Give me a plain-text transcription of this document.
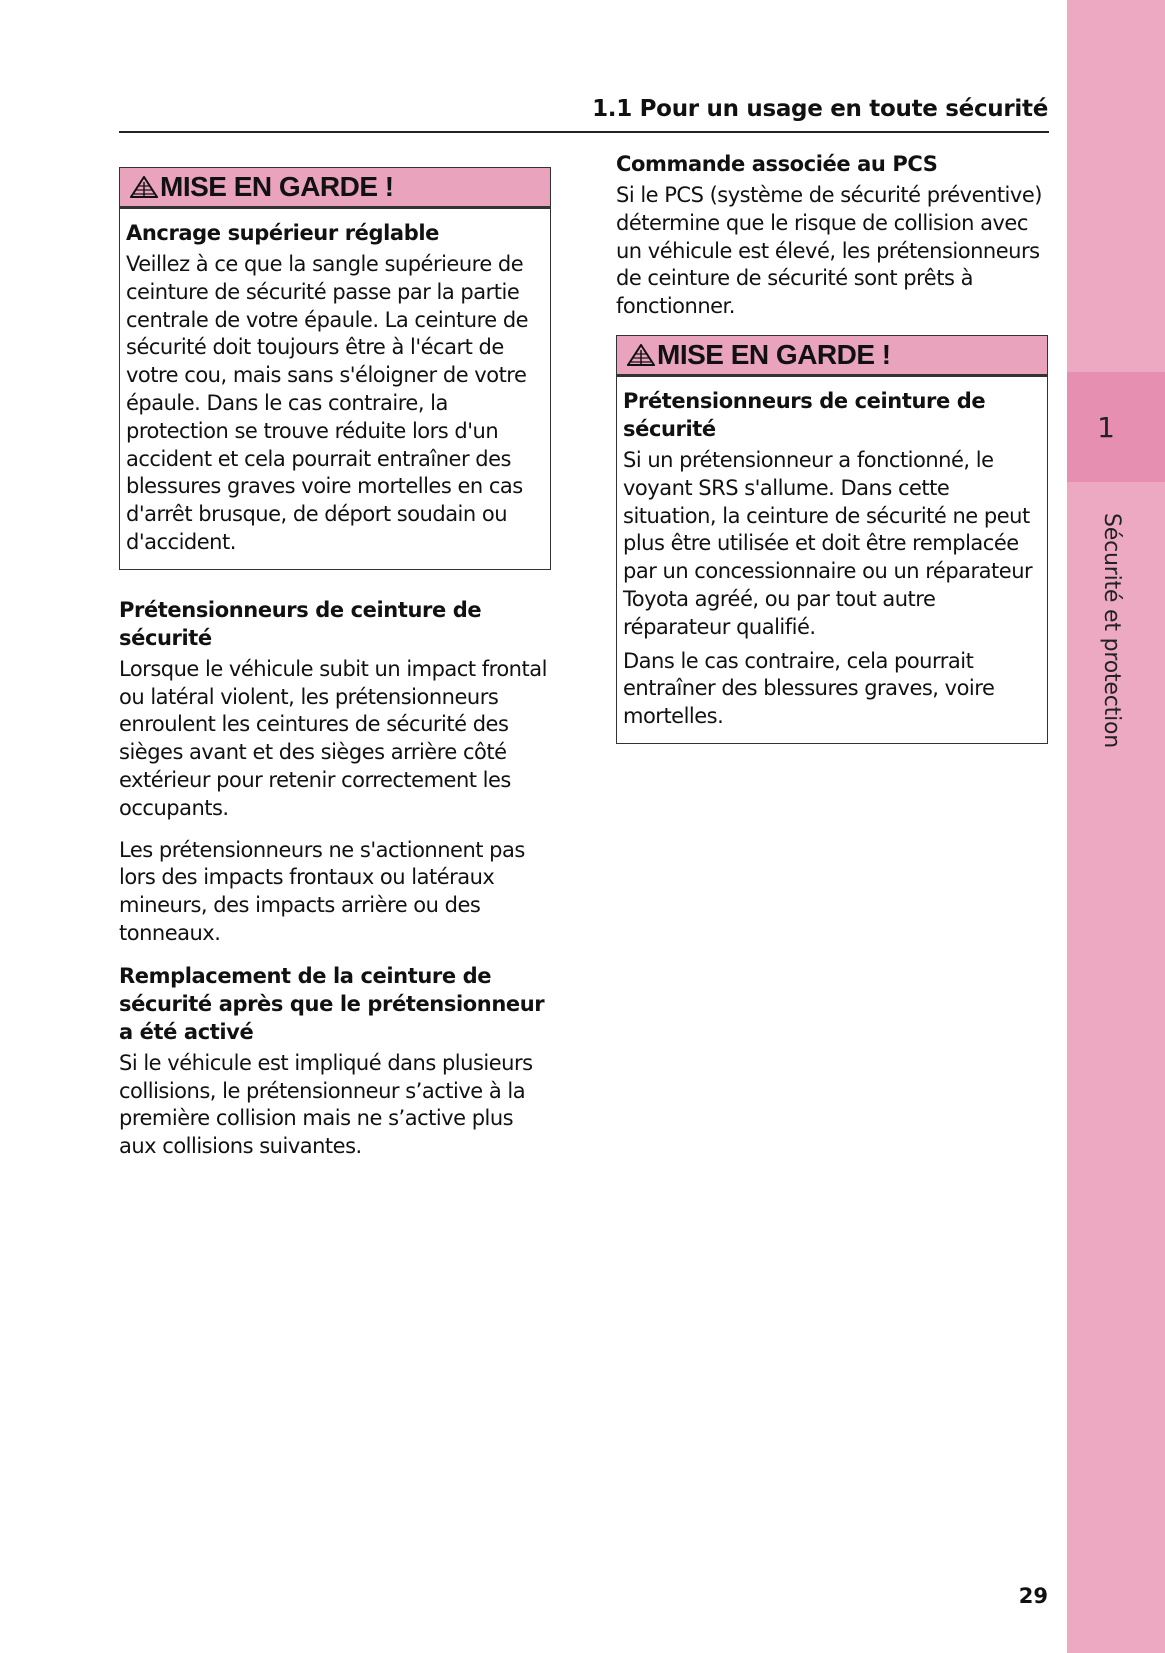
1.1 Pour un usage en toute sécurité
MISE EN GARDE !
Ancrage supérieur réglable

Veillez à ce que la sangle supérieure de ceinture de sécurité passe par la partie centrale de votre épaule. La ceinture de sécurité doit toujours être à l'écart de votre cou, mais sans s'éloigner de votre épaule. Dans le cas contraire, la protection se trouve réduite lors d'un accident et cela pourrait entraîner des blessures graves voire mortelles en cas d'arrêt brusque, de déport soudain ou d'accident.

Prétensionneurs de ceinture de sécurité

Lorsque le véhicule subit un impact frontal ou latéral violent, les prétensionneurs enroulent les ceintures de sécurité des sièges avant et des sièges arrière côté extérieur pour retenir correctement les occupants.

Les prétensionneurs ne s'actionnent pas lors des impacts frontaux ou latéraux mineurs, des impacts arrière ou des tonneaux.

Remplacement de la ceinture de sécurité après que le prétensionneur a été activé

Si le véhicule est impliqué dans plusieurs collisions, le prétensionneur s’active à la première collision mais ne s’active plus aux collisions suivantes.

Commande associée au PCS

Si le PCS (système de sécurité préventive) détermine que le risque de collision avec un véhicule est élevé, les prétensionneurs de ceinture de sécurité sont prêts à fonctionner.

MISE EN GARDE !
Prétensionneurs de ceinture de sécurité

Si un prétensionneur a fonctionné, le voyant SRS s'allume. Dans cette situation, la ceinture de sécurité ne peut plus être utilisée et doit être remplacée par un concessionnaire ou un réparateur Toyota agréé, ou par tout autre réparateur qualifié.

Dans le cas contraire, cela pourrait entraîner des blessures graves, voire mortelles.

1
Sécurité et protection
29
